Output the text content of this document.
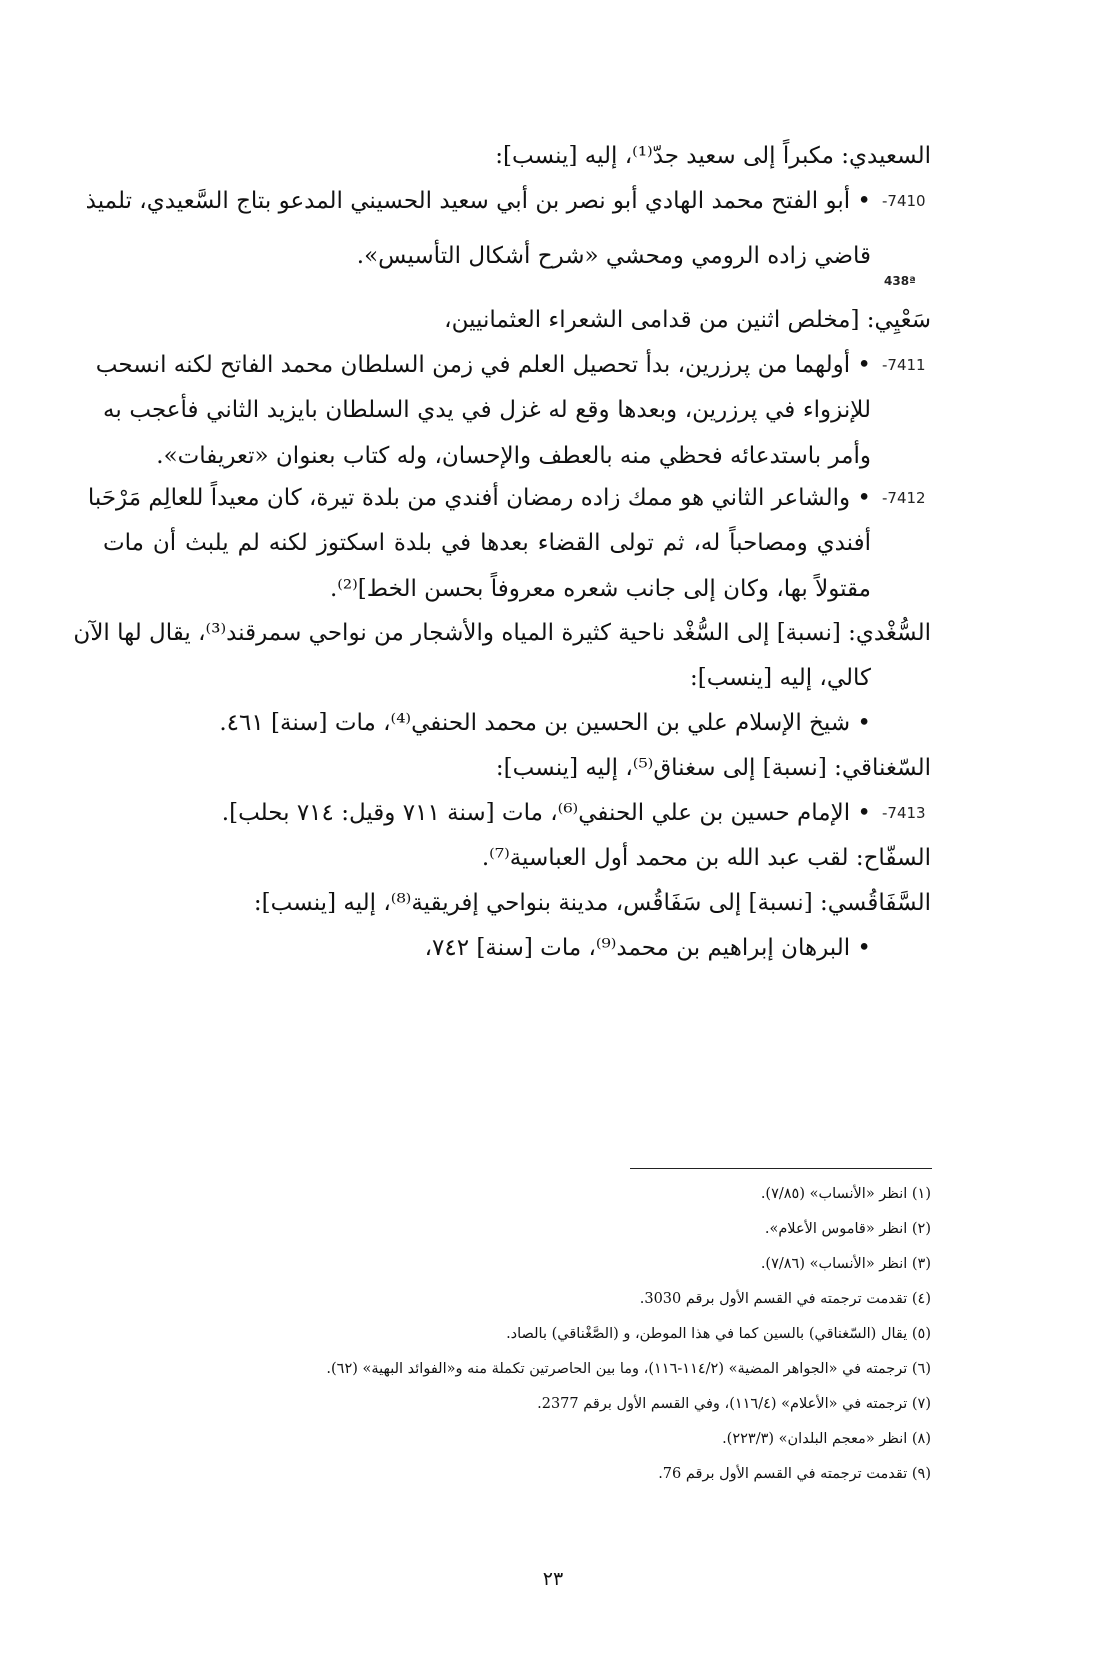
السعيدي: مكبراً إلى سعيد جدّ⁽¹⁾، إليه [ينسب]:
-7410
• أبو الفتح محمد الهادي أبو نصر بن أبي سعيد الحسيني المدعو بتاج السَّعيدي، تلميذ
قاضي زاده الرومي ومحشي «شرح أشكال التأسيس».
438ª
سَعْيِي: [مخلص اثنين من قدامى الشعراء العثمانيين،
-7411
• أولهما من پرزرين، بدأ تحصيل العلم في زمن السلطان محمد الفاتح لكنه انسحب
للإنزواء في پرزرين، وبعدها وقع له غزل في يدي السلطان بايزيد الثاني فأعجب به
وأمر باستدعائه فحظي منه بالعطف والإحسان، وله كتاب بعنوان «تعريفات».
-7412
• والشاعر الثاني هو ممك زاده رمضان أفندي من بلدة تيرة، كان معيداً للعالِم مَرْحَبا
أفندي ومصاحباً له، ثم تولى القضاء بعدها في بلدة اسكتوز لكنه لم يلبث أن مات
مقتولاً بها، وكان إلى جانب شعره معروفاً بحسن الخط]⁽²⁾.
السُّغْدي: [نسبة] إلى السُّغْد ناحية كثيرة المياه والأشجار من نواحي سمرقند⁽³⁾، يقال لها الآن
كالي، إليه [ينسب]:
• شيخ الإسلام علي بن الحسين بن محمد الحنفي⁽⁴⁾، مات [سنة] ٤٦١.
السّغناقي: [نسبة] إلى سغناق⁽⁵⁾، إليه [ينسب]:
-7413
• الإمام حسين بن علي الحنفي⁽⁶⁾، مات [سنة ٧١١ وقيل: ٧١٤ بحلب].
السفّاح: لقب عبد الله بن محمد أول العباسية⁽⁷⁾.
السَّفَاقُسي: [نسبة] إلى سَفَاقُس، مدينة بنواحي إفريقية⁽⁸⁾، إليه [ينسب]:
• البرهان إبراهيم بن محمد⁽⁹⁾، مات [سنة] ٧٤٢،
(١) انظر «الأنساب» (٧/٨٥).
(٢) انظر «قاموس الأعلام».
(٣) انظر «الأنساب» (٧/٨٦).
(٤) تقدمت ترجمته في القسم الأول برقم 3030.
(٥) يقال (السّغناقي) بالسين كما في هذا الموطن، و (الصَّغْناقي) بالصاد.
(٦) ترجمته في «الجواهر المضية» (١١٤/٢-١١٦)، وما بين الحاصرتين تكملة منه و«الفوائد البهية» (٦٢).
(٧) ترجمته في «الأعلام» (١١٦/٤)، وفي القسم الأول برقم 2377.
(٨) انظر «معجم البلدان» (٢٢٣/٣).
(٩) تقدمت ترجمته في القسم الأول برقم 76.
٢٣
